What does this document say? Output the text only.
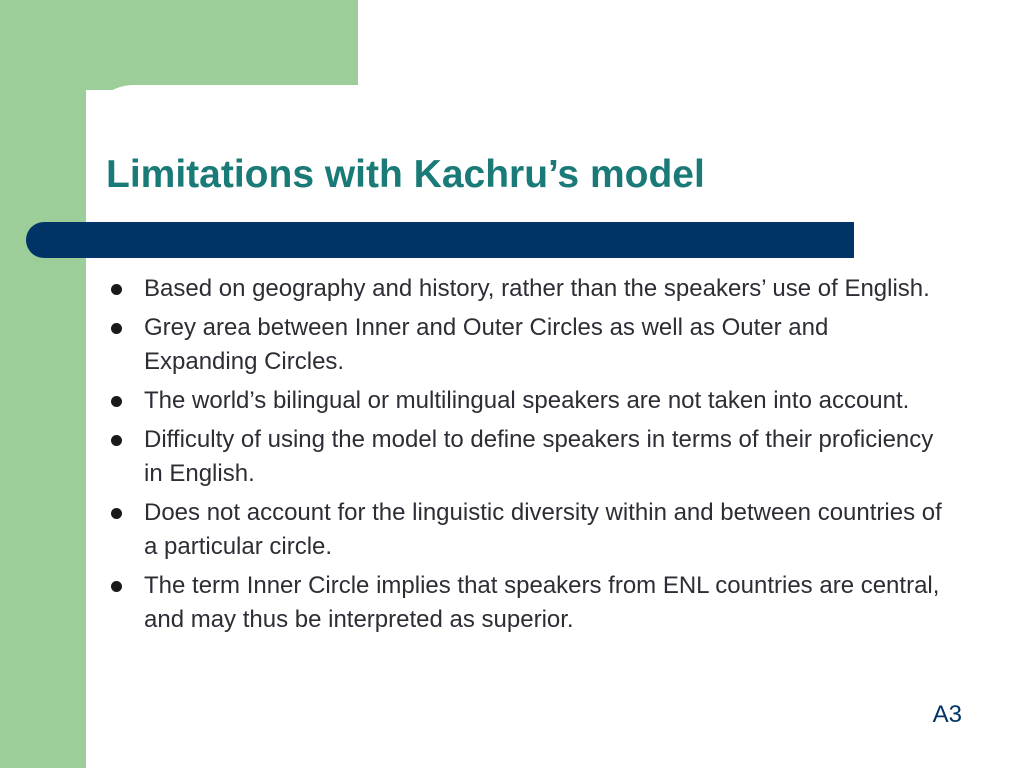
Limitations with Kachru’s model
Based on geography and history, rather than the speakers’ use of English.
Grey area between Inner and Outer Circles as well as Outer and Expanding Circles.
The world’s bilingual or multilingual speakers are not taken into account.
Difficulty of using the model to define speakers in terms of their proficiency in English.
Does not account for the linguistic diversity within and between countries of a particular circle.
The term Inner Circle implies that speakers from ENL countries are central, and may thus be interpreted as superior.
A3
